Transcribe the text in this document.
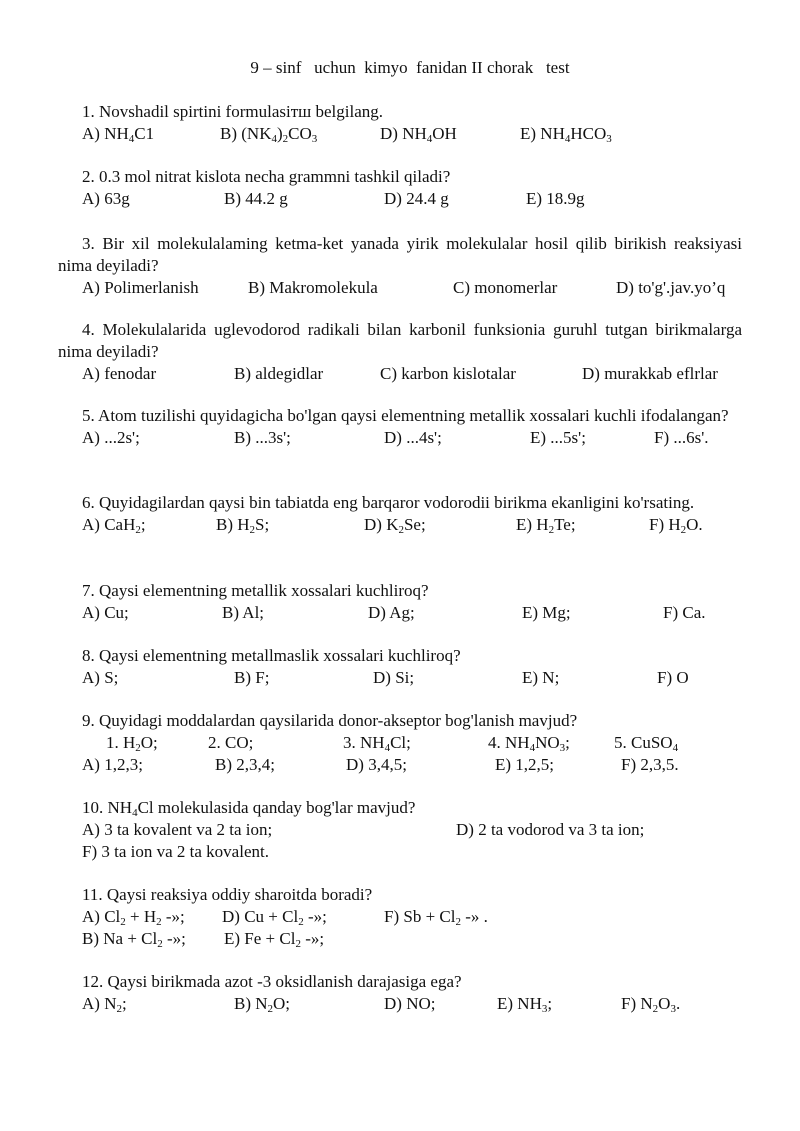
9 – sinf   uchun  kimyo  fanidan II chorak   test
1. Novshadil spirtini formulasiтш belgilang.
A) $NH_4C1$	B) $(NK_4)_2CO_3$	D) $NH_4OH$	E) $NH_4HCO_3$
2. 0.3 mol nitrat kislota necha grammni tashkil qiladi?
A) 63g	B) 44.2 g	D) 24.4 g	E) 18.9g
3. Bir xil molekulalaming ketma-ket yanada yirik molekulalar hosil qilib birikish reaksiyasi nima deyiladi?
A) Polimerlanish	B) Makromolekula	C) monomerlar	D) to'g'.jav.yo’q
4. Molekulalarida uglevodorod radikali bilan karbonil funksionia guruhl tutgan birikmalarga nima deyiladi?
A) fenodar	B) aldegidlar	C) karbon kislotalar	D) murakkab eflrlar
5. Atom tuzilishi quyidagicha bo'lgan qaysi elementning metallik xossalari kuchli ifodalangan?
A) ...2s';	B) ...3s';	D) ...4s';	E) ...5s';	F) ...6s'.
6. Quyidagilardan qaysi bin tabiatda eng barqaror vodorodii birikma ekanligini ko'rsating.
A) CaH$_2$;	B) $H_2S$;	D) $K_2Se$;	E) $H_2Te$;	F) $H_2O$.
7. Qaysi elementning metallik xossalari kuchliroq?
A) Cu;	B) Al;	D) Ag;	E) Mg;	F) Ca.
8. Qaysi elementning metallmaslik xossalari kuchliroq?
A) S;	B) F;	D) Si;	E) N;	F) O
9. Quyidagi moddalardan qaysilarida donor-akseptor bog'lanish mavjud?
1. $H_2O$;	2. CO;	3. $NH_4Cl$;	4. $NH_4NO_3$;	5. CuSO$_4$
A) 1,2,3;	B) 2,3,4;	D) 3,4,5;	E) 1,2,5;	F) 2,3,5.
10. $NH_4Cl$ molekulasida qanday bog'lar mavjud?
A) 3 ta kovalent va 2 ta ion;	D) 2 ta vodorod va 3 ta ion;
F) 3 ta ion va 2 ta kovalent.
11. Qaysi reaksiya oddiy sharoitda boradi?
A) $Cl_2 + H_2$ -»; D) $Cu + Cl_2$ -»;	F) $Sb + Cl_2$ -» .
B) $Na + Cl_2$ -»; E) $Fe + Cl_2$ -»;
12. Qaysi birikmada azot -3 oksidlanish darajasiga ega?
A) $N_2$;	B) $N_2O$;	D) NO;	E) $NH_3$;	F) $N_2O_3$.
